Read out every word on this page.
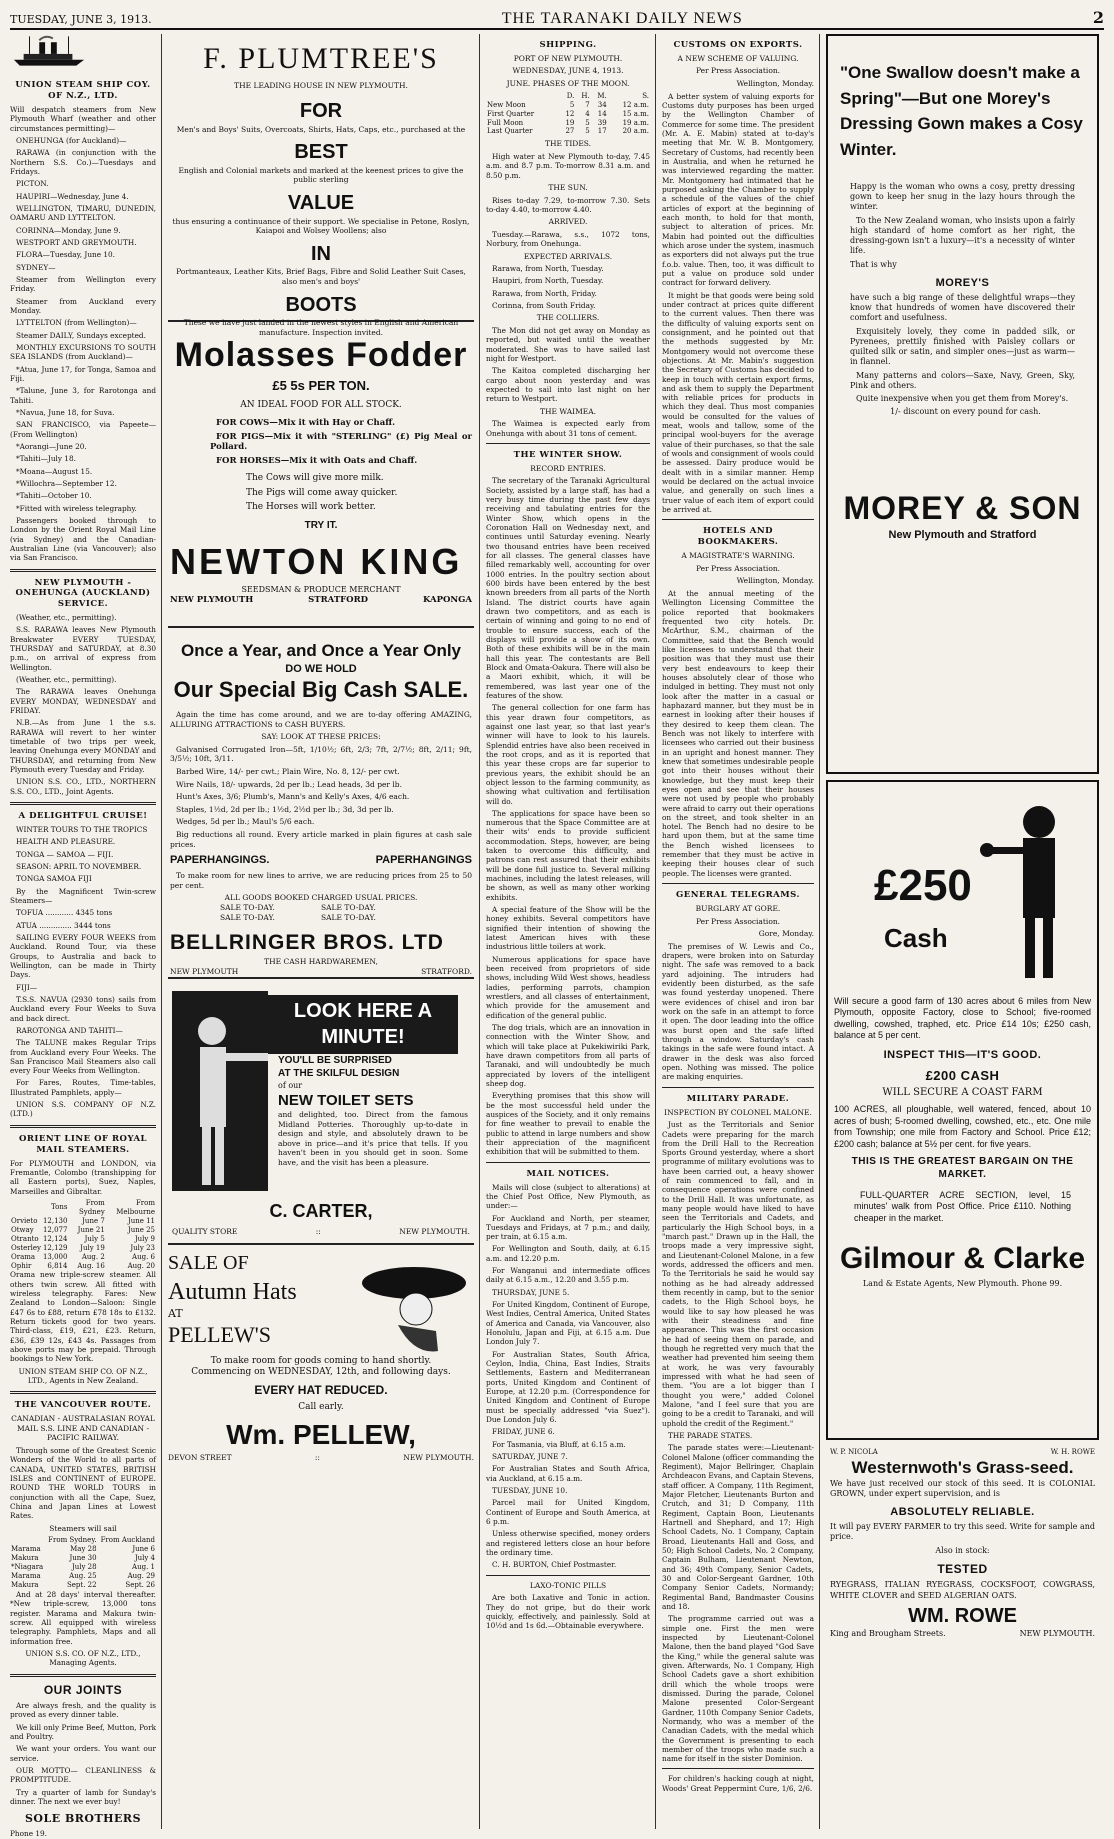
TUESDAY, JUNE 3, 1913.	THE TARANAKI DAILY NEWS	2
UNION STEAM SHIP COY. OF N.Z., LTD.

Will despatch steamers from New Plymouth Wharf (weather and other circumstances permitting)—

ONEHUNGA (for Auckland)—

RARAWA (in conjunction with the Northern S.S. Co.)—Tuesdays and Fridays.

PICTON.

HAUPIRI—Wednesday, June 4.

WELLINGTON, TIMARU, DUNEDIN, OAMARU AND LYTTELTON.

CORINNA—Monday, June 9.

WESTPORT AND GREYMOUTH.

FLORA—Tuesday, June 10.

SYDNEY—

Steamer from Wellington every Friday.

Steamer from Auckland every Monday.

LYTTELTON (from Wellington)—

Steamer DAILY, Sundays excepted.

MONTHLY EXCURSIONS TO SOUTH SEA ISLANDS (from Auckland)—

*Atua, June 17, for Tonga, Samoa and Fiji.

*Talune, June 3, for Rarotonga and Tahiti.

*Navua, June 18, for Suva.

SAN FRANCISCO, via Papeete—(From Wellington)

*Aorangi—June 20.

*Tahiti—July 18.

*Moana—August 15.

*Willochra—September 12.

*Tahiti—October 10.

*Fitted with wireless telegraphy.

Passengers booked through to London by the Orient Royal Mail Line (via Sydney) and the Canadian-Australian Line (via Vancouver); also via San Francisco.

NEW PLYMOUTH - ONEHUNGA (AUCKLAND) SERVICE.

(Weather, etc., permitting).

S.S. RARAWA leaves New Plymouth Breakwater EVERY TUESDAY, THURSDAY and SATURDAY, at 8.30 p.m., on arrival of express from Wellington.

(Weather, etc., permitting).

The RARAWA leaves Onehunga EVERY MONDAY, WEDNESDAY and FRIDAY.

N.B.—As from June 1 the s.s. RARAWA will revert to her winter timetable of two trips per week, leaving Onehunga every MONDAY and THURSDAY, and returning from New Plymouth every Tuesday and Friday.

UNION S.S. CO., LTD., NORTHERN S.S. CO., LTD., Joint Agents.

A DELIGHTFUL CRUISE!

WINTER TOURS TO THE TROPICS

HEALTH AND PLEASURE.

TONGA — SAMOA — FIJI.

SEASON: APRIL TO NOVEMBER.

TONGA SAMOA FIJI

By the Magnificent Twin-screw Steamers—

TOFUA ............ 4345 tons

ATUA .............. 3444 tons

SAILING EVERY FOUR WEEKS from Auckland. Round Tour, via these Groups, to Australia and back to Wellington, can be made in Thirty Days.

FIJI—

T.S.S. NAVUA (2930 tons) sails from Auckland every Four Weeks to Suva and back direct.

RAROTONGA AND TAHITI—

The TALUNE makes Regular Trips from Auckland every Four Weeks. The San Francisco Mail Steamers also call every Four Weeks from Wellington.

For Fares, Routes, Time-tables, Illustrated Pamphlets, apply—

UNION S.S. COMPANY OF N.Z. (LTD.)

ORIENT LINE OF ROYAL MAIL STEAMERS.

For PLYMOUTH and LONDON, via Fremantle, Colombo (transhipping for all Eastern ports), Suez, Naples, Marseilles and Gibraltar.

	Tons	From Sydney	From Melbourne
Orvieto	12,130	June 7	June 11
Otway	12,077	June 21	June 25
Otranto	12,124	July 5	July 9
Osterley	12,129	July 19	July 23
Orama	13,000	Aug. 2	Aug. 6
Ophir	6,814	Aug. 16	Aug. 20

Orama new triple-screw steamer. All others twin screw. All fitted with wireless telegraphy. Fares: New Zealand to London—Saloon: Single £47 6s to £88, return £78 18s to £132. Return tickets good for two years. Third-class, £19, £21, £23. Return, £36, £39 12s, £43 4s. Passages from above ports may be prepaid. Through bookings to New York.

UNION STEAM SHIP CO. OF N.Z., LTD., Agents in New Zealand.

THE VANCOUVER ROUTE.
CANADIAN - AUSTRALASIAN ROYAL MAIL S.S. LINE AND CANADIAN - PACIFIC RAILWAY.

Through some of the Greatest Scenic Wonders of the World to all parts of CANADA, UNITED STATES, BRITISH ISLES and CONTINENT of EUROPE. ROUND THE WORLD TOURS in conjunction with all the Cape, Suez, China and Japan Lines at Lowest Rates.

Steamers will sail
	From Sydney.	From Auckland
Marama	May 28	June 6
Makura	June 30	July 4
*Niagara	July 28	Aug. 1
Marama	Aug. 25	Aug. 29
Makura	Sept. 22	Sept. 26

And at 28 days' interval thereafter. *New triple-screw, 13,000 tons register. Marama and Makura twin-screw. All equipped with wireless telegraphy. Pamphlets, Maps and all information free.

UNION S.S. CO. OF N.Z., LTD., Managing Agents.

OUR JOINTS

Are always fresh, and the quality is proved as every dinner table.

We kill only Prime Beef, Mutton, Pork and Poultry.

We want your orders. You want our service.

OUR MOTTO— CLEANLINESS & PROMPTITUDE.

Try a quarter of lamb for Sunday's dinner. The next we ever buy!

SOLE BROTHERS

Phone 19.

F. PLUMTREE'S
THE LEADING HOUSE IN NEW PLYMOUTH.
FOR
Men's and Boys' Suits, Overcoats, Shirts, Hats, Caps, etc., purchased at the
BEST
English and Colonial markets and marked at the keenest prices to give the public sterling
VALUE
thus ensuring a continuance of their support. We specialise in Petone, Roslyn, Kaiapoi and Wolsey Woollens; also
IN
Portmanteaux, Leather Kits, Brief Bags, Fibre and Solid Leather Suit Cases, also men's and boys'
BOOTS
These we have just landed in the newest styles in English and American manufacture. Inspection invited.
Molasses Fodder
£5 5s PER TON.
AN IDEAL FOOD FOR ALL STOCK.

FOR COWS—Mix it with Hay or Chaff.

FOR PIGS—Mix it with "STERLING" (£) Pig Meal or Pollard.

FOR HORSES—Mix it with Oats and Chaff.

The Cows will give more milk.

The Pigs will come away quicker.

The Horses will work better.

TRY IT.
NEWTON KING
SEEDSMAN & PRODUCE MERCHANT
NEW PLYMOUTH	STRATFORD	KAPONGA
Once a Year, and Once a Year Only
DO WE HOLD
Our Special Big Cash SALE.

Again the time has come around, and we are to-day offering AMAZING, ALLURING ATTRACTIONS to CASH BUYERS.

SAY: LOOK AT THESE PRICES:

Galvanised Corrugated Iron—5ft, 1/10½; 6ft, 2/3; 7ft, 2/7½; 8ft, 2/11; 9ft, 3/5½; 10ft, 3/11.

Barbed Wire, 14/- per cwt.; Plain Wire, No. 8, 12/- per cwt.

Wire Nails, 18/- upwards, 2d per lb.; Lead heads, 3d per lb.

Hunt's Axes, 3/6; Plumb's, Mann's and Kelly's Axes, 4/6 each.

Staples, 1½d, 2d per lb.; 1½d, 2½d per lb.; 3d, 3d per lb.

Wedges, 5d per lb.; Maul's 5/6 each.

Big reductions all round. Every article marked in plain figures at cash sale prices.

PAPERHANGINGS.	PAPERHANGINGS

To make room for new lines to arrive, we are reducing prices from 25 to 50 per cent.

ALL GOODS BOOKED CHARGED USUAL PRICES.
SALE TO-DAY.	SALE TO-DAY.
SALE TO-DAY.	SALE TO-DAY.
BELLRINGER BROS. LTD
THE CASH HARDWAREMEN,
NEW PLYMOUTH	STRATFORD.
LOOK HERE A MINUTE!
YOU'LL BE SURPRISED
AT THE SKILFUL DESIGN
of our
NEW TOILET SETS

and delighted, too. Direct from the famous Midland Potteries. Thoroughly up-to-date in design and style, and absolutely drawn to be above in price—and it's price that tells. If you haven't been in you should get in soon. Some have, and the visit has been a pleasure.

C. CARTER,
QUALITY STORE	::	NEW PLYMOUTH.
SALE OF
Autumn Hats
AT
PELLEW'S
To make room for goods coming to hand shortly.
Commencing on WEDNESDAY, 12th, and following days.
EVERY HAT REDUCED.
Call early.
Wm. PELLEW,
DEVON STREET	::	NEW PLYMOUTH.
SHIPPING.
PORT OF NEW PLYMOUTH.
WEDNESDAY, JUNE 4, 1913.
JUNE. PHASES OF THE MOON.
	D.	H.	M.	S.
New Moon	5	7	34	12 a.m.
First Quarter	12	4	14	15 a.m.
Full Moon	19	5	39	19 a.m.
Last Quarter	27	5	17	20 a.m.
THE TIDES.

High water at New Plymouth to-day, 7.45 a.m. and 8.7 p.m. To-morrow 8.31 a.m. and 8.50 p.m.

THE SUN.

Rises to-day 7.29, to-morrow 7.30. Sets to-day 4.40, to-morrow 4.40.

ARRIVED.

Tuesday.—Rarawa, s.s., 1072 tons, Norbury, from Onehunga.

EXPECTED ARRIVALS.

Rarawa, from North, Tuesday.

Haupiri, from North, Tuesday.

Rarawa, from North, Friday.

Corinna, from South Friday.

THE COLLIERS.

The Mon did not get away on Monday as reported, but waited until the weather moderated. She was to have sailed last night for Westport.

The Kaitoa completed discharging her cargo about noon yesterday and was expected to sail into last night on her return to Westport.

THE WAIMEA.

The Waimea is expected early from Onehunga with about 31 tons of cement.

THE WINTER SHOW.
RECORD ENTRIES.

The secretary of the Taranaki Agricultural Society, assisted by a large staff, has had a very busy time during the past few days receiving and tabulating entries for the Winter Show, which opens in the Coronation Hall on Wednesday next, and continues until Saturday evening. Nearly two thousand entries have been received for all classes. The general classes have filled remarkably well, accounting for over 1000 entries. In the poultry section about 600 birds have been entered by the best known breeders from all parts of the North Island. The district courts have again drawn two competitors, and as each is certain of winning and going to no end of trouble to ensure success, each of the displays will provide a show of its own. Both of these exhibits will be in the main hall this year. The contestants are Bell Block and Omata-Oakura. There will also be a Maori exhibit, which, it will be remembered, was last year one of the features of the show.

The general collection for one farm has this year drawn four competitors, as against one last year, so that last year's winner will have to look to his laurels. Splendid entries have also been received in the root crops, and as it is reported that this year these crops are far superior to previous years, the exhibit should be an object lesson to the farming community, as showing what cultivation and fertilisation will do.

The applications for space have been so numerous that the Space Committee are at their wits' ends to provide sufficient accommodation. Steps, however, are being taken to overcome this difficulty, and patrons can rest assured that their exhibits will be done full justice to. Several milking machines, including the latest releases, will be shown, as well as many other working exhibits.

A special feature of the Show will be the honey exhibits. Several competitors have signified their intention of showing the latest American hives with these industrious little toilers at work.

Numerous applications for space have been received from proprietors of side shows, including Wild West shows, headless ladies, performing parrots, champion wrestlers, and all classes of entertainment, which provide for the amusement and edification of the general public.

The dog trials, which are an innovation in connection with the Winter Show, and which will take place at Pukekiwiriki Park, have drawn competitors from all parts of Taranaki, and will undoubtedly be much appreciated by lovers of the intelligent sheep dog.

Everything promises that this show will be the most successful held under the auspices of the Society, and it only remains for fine weather to prevail to enable the public to attend in large numbers and show their appreciation of the magnificent exhibition that will be submitted to them.

MAIL NOTICES.

Mails will close (subject to alterations) at the Chief Post Office, New Plymouth, as under:—

For Auckland and North, per steamer, Tuesdays and Fridays, at 7 p.m.; and daily, per train, at 6.15 a.m.

For Wellington and South, daily, at 6.15 a.m. and 12.20 p.m.

For Wanganui and intermediate offices daily at 6.15 a.m., 12.20 and 3.55 p.m.

THURSDAY, JUNE 5.

For United Kingdom, Continent of Europe, West Indies, Central America, United States of America and Canada, via Vancouver, also Honolulu, Japan and Fiji, at 6.15 a.m. Due London July 7.

For Australian States, South Africa, Ceylon, India, China, East Indies, Straits Settlements, Eastern and Mediterranean ports, United Kingdom and Continent of Europe, at 12.20 p.m. (Correspondence for United Kingdom and Continent of Europe must be specially addressed "via Suez"). Due London July 6.

FRIDAY, JUNE 6.

For Tasmania, via Bluff, at 6.15 a.m.

SATURDAY, JUNE 7.

For Australian States and South Africa, via Auckland, at 6.15 a.m.

TUESDAY, JUNE 10.

Parcel mail for United Kingdom, Continent of Europe and South America, at 6 p.m.

Unless otherwise specified, money orders and registered letters close an hour before the ordinary time.

C. H. BURTON, Chief Postmaster.

LAXO-TONIC PILLS

Are both Laxative and Tonic in action. They do not gripe, but do their work quickly, effectively, and painlessly. Sold at 10½d and 1s 6d.—Obtainable everywhere.

CUSTOMS ON EXPORTS.
A NEW SCHEME OF VALUING.
Per Press Association.
Wellington, Monday.

A better system of valuing exports for Customs duty purposes has been urged by the Wellington Chamber of Commerce for some time. The president (Mr. A. E. Mabin) stated at to-day's meeting that Mr. W. B. Montgomery, Secretary of Customs, had recently been in Australia, and when he returned he was interviewed regarding the matter. Mr. Montgomery had intimated that he purposed asking the Chamber to supply a schedule of the values of the chief articles of export at the beginning of each month, to hold for that month, subject to alteration of prices. Mr. Mabin had pointed out the difficulties which arose under the system, inasmuch as exporters did not always put the true f.o.b. value. Then, too, it was difficult to put a value on produce sold under contract for forward delivery.

It might be that goods were being sold under contract at prices quite different to the current values. Then there was the difficulty of valuing exports sent on consignment, and he pointed out that the methods suggested by Mr. Montgomery would not overcome these objections. At Mr. Mabin's suggestion the Secretary of Customs has decided to keep in touch with certain export firms, and ask them to supply the Department with reliable prices for products in which they deal. Thus most companies would be consulted for the values of meat, wools and tallow, some of the principal wool-buyers for the average value of their purchases, so that the sale of wools and consignment of wools could be assessed. Dairy produce would be dealt with in a similar manner. Hemp would be declared on the actual invoice value, and generally on such lines a truer value of each item of export could be arrived at.

HOTELS AND BOOKMAKERS.
A MAGISTRATE'S WARNING.
Per Press Association.
Wellington, Monday.

At the annual meeting of the Wellington Licensing Committee the police reported that bookmakers frequented two city hotels. Dr. McArthur, S.M., chairman of the Committee, said that the Bench would like licensees to understand that their position was that they must use their very best endeavours to keep their houses absolutely clear of those who indulged in betting. They must not only look after the matter in a casual or haphazard manner, but they must be in earnest in looking after their houses if they desired to keep them clean. The Bench was not likely to interfere with licensees who carried out their business in an upright and honest manner. They knew that sometimes undesirable people got into their houses without their knowledge, but they must keep their eyes open and see that their houses were not used by people who probably were afraid to carry out their operations on the street, and took shelter in an hotel. The Bench had no desire to be hard upon them, but at the same time the Bench wished licensees to remember that they must be active in keeping their houses clear of such people. The licenses were granted.

GENERAL TELEGRAMS.
BURGLARY AT GORE.
Per Press Association.
Gore, Monday.

The premises of W. Lewis and Co., drapers, were broken into on Saturday night. The safe was removed to a back yard adjoining. The intruders had evidently been disturbed, as the safe was found yesterday unopened. There were evidences of chisel and iron bar work on the safe in an attempt to force it open. The door leading into the office was burst open and the safe lifted through a window. Saturday's cash takings in the safe were found intact. A drawer in the desk was also forced open. Nothing was missed. The police are making enquiries.

MILITARY PARADE.
INSPECTION BY COLONEL MALONE.

Just as the Territorials and Senior Cadets were preparing for the march from the Drill Hall to the Recreation Sports Ground yesterday, where a short programme of military evolutions was to have been carried out, a heavy shower of rain commenced to fall, and in consequence operations were confined to the Drill Hall. It was unfortunate, as many people would have liked to have seen the Territorials and Cadets, and particularly the High School boys, in a "march past." Drawn up in the Hall, the troops made a very impressive sight, and Lieutenant-Colonel Malone, in a few words, addressed the officers and men. To the Territorials he said he would say nothing as he had already addressed them recently in camp, but to the senior cadets, to the High School boys, he would like to say how pleased he was with their steadiness and fine appearance. This was the first occasion he had of seeing them on parade, and though he regretted very much that the weather had prevented him seeing them at work, he was very favourably impressed with what he had seen of them. "You are a lot bigger than I thought you were," added Colonel Malone, "and I feel sure that you are going to be a credit to Taranaki, and will uphold the credit of the Regiment."

THE PARADE STATES.

The parade states were:—Lieutenant-Colonel Malone (officer commanding the Regiment), Major Bellringer, Chaplain Archdeacon Evans, and Captain Stevens, staff officer. A Company, 11th Regiment, Major Fletcher, Lieutenants Burton and Crutch, and 31; D Company, 11th Regiment, Captain Boon, Lieutenants Hartnell and Shephard, and 17; High School Cadets, No. 1 Company, Captain Broad, Lieutenants Hall and Goss, and 50; High School Cadets, No. 2 Company, Captain Bulham, Lieutenant Newton, and 36; 49th Company, Senior Cadets, 30 and Color-Sergeant Gardner, 10th Company Senior Cadets, Normandy; Regimental Band, Bandmaster Cousins and 18.

The programme carried out was a simple one. First the men were inspected by Lieutenant-Colonel Malone, then the band played "God Save the King," while the general salute was given. Afterwards, No. 1 Company, High School Cadets gave a short exhibition drill which the whole troops were dismissed. During the parade, Colonel Malone presented Color-Sergeant Gardner, 110th Company Senior Cadets, Normandy, who was a member of the Canadian Cadets, with the medal which the Government is presenting to each member of the troops who made such a name for itself in the sister Dominion.

For children's hacking cough at night, Woods' Great Peppermint Cure, 1/6, 2/6.

"One Swallow doesn't make a Spring"—But one Morey's Dressing Gown makes a Cosy Winter.

Happy is the woman who owns a cosy, pretty dressing gown to keep her snug in the lazy hours through the winter.

To the New Zealand woman, who insists upon a fairly high standard of home comfort as her right, the dressing-gown isn't a luxury—it's a necessity of winter life.

That is why

MOREY'S

have such a big range of these delightful wraps—they know that hundreds of women have discovered their comfort and usefulness.

Exquisitely lovely, they come in padded silk, or Pyrenees, prettily finished with Paisley collars or quilted silk or satin, and simpler ones—just as warm—in flannel.

Many patterns and colors—Saxe, Navy, Green, Sky, Pink and others.

Quite inexpensive when you get them from Morey's.

1/- discount on every pound for cash.

MOREY & SON
New Plymouth and Stratford
£250
Cash

Will secure a good farm of 130 acres about 6 miles from New Plymouth, opposite Factory, close to School; five-roomed dwelling, cowshed, traphed, etc. Price £14 10s; £250 cash, balance at 5 per cent.

INSPECT THIS—IT'S GOOD.
£200 CASH
WILL SECURE A COAST FARM

100 ACRES, all ploughable, well watered, fenced, about 10 acres of bush; 5-roomed dwelling, cowshed, etc., etc. One mile from Township; one mile from Factory and School. Price £12; £200 cash; balance at 5½ per cent. for five years.

THIS IS THE GREATEST BARGAIN ON THE MARKET.

FULL-QUARTER ACRE SECTION, level, 15 minutes' walk from Post Office. Price £110. Nothing cheaper in the market.

Gilmour & Clarke
Land & Estate Agents, New Plymouth. Phone 99.
W. P. NICOLA	W. H. ROWE
Westernwoth's Grass-seed.

We have just received our stock of this seed. It is COLONIAL GROWN, under expert supervision, and is

ABSOLUTELY RELIABLE.

It will pay EVERY FARMER to try this seed. Write for sample and price.

Also in stock:
TESTED

RYEGRASS, ITALIAN RYEGRASS, COCKSFOOT, COWGRASS, WHITE CLOVER and SEED ALGERIAN OATS.

WM. ROWE
King and Brougham Streets.	NEW PLYMOUTH.
